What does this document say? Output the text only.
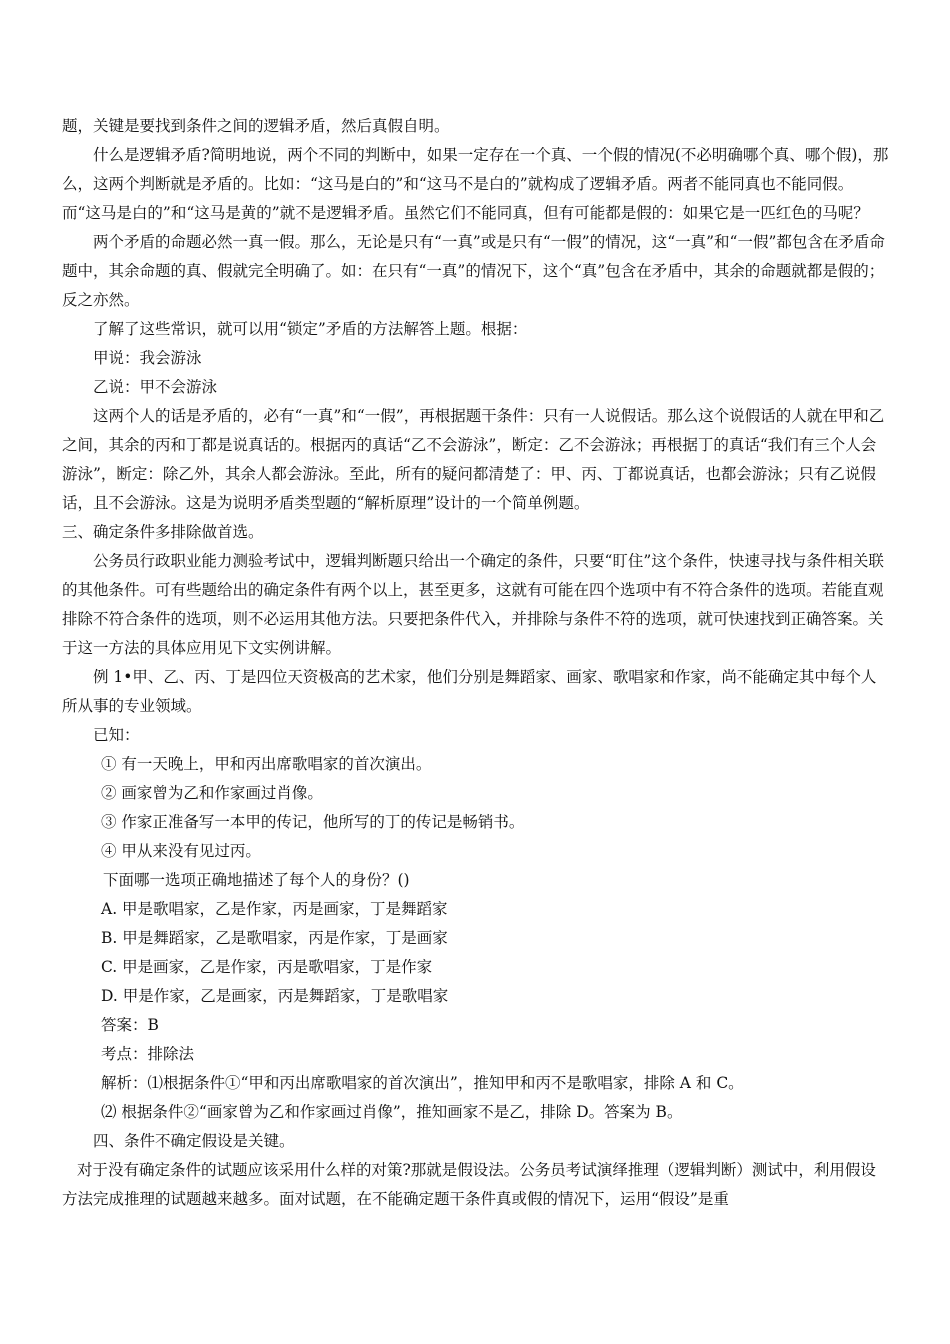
题，关键是要找到条件之间的逻辑矛盾，然后真假自明。

什么是逻辑矛盾?简明地说，两个不同的判断中，如果一定存在一个真、一个假的情况(不必明确哪个真、哪个假)，那么，这两个判断就是矛盾的。比如：“这马是白的”和“这马不是白的”就构成了逻辑矛盾。两者不能同真也不能同假。而“这马是白的”和“这马是黄的”就不是逻辑矛盾。虽然它们不能同真，但有可能都是假的：如果它是一匹红色的马呢？

两个矛盾的命题必然一真一假。那么，无论是只有“一真”或是只有“一假”的情况，这“一真”和“一假”都包含在矛盾命题中，其余命题的真、假就完全明确了。如：在只有“一真”的情况下，这个“真”包含在矛盾中，其余的命题就都是假的；反之亦然。

了解了这些常识，就可以用“锁定”矛盾的方法解答上题。根据：

甲说：我会游泳

乙说：甲不会游泳

这两个人的话是矛盾的，必有“一真”和“一假”，再根据题干条件：只有一人说假话。那么这个说假话的人就在甲和乙之间，其余的丙和丁都是说真话的。根据丙的真话“乙不会游泳”，断定：乙不会游泳；再根据丁的真话“我们有三个人会游泳”，断定：除乙外，其余人都会游泳。至此，所有的疑问都清楚了：甲、丙、丁都说真话，也都会游泳；只有乙说假话，且不会游泳。这是为说明矛盾类型题的“解析原理”设计的一个简单例题。

三、确定条件多排除做首选。

公务员行政职业能力测验考试中，逻辑判断题只给出一个确定的条件，只要“盯住”这个条件，快速寻找与条件相关联的其他条件。可有些题给出的确定条件有两个以上，甚至更多，这就有可能在四个选项中有不符合条件的选项。若能直观排除不符合条件的选项，则不必运用其他方法。只要把条件代入，并排除与条件不符的选项，就可快速找到正确答案。关于这一方法的具体应用见下文实例讲解。

例 1•甲、乙、丙、丁是四位天资极高的艺术家，他们分别是舞蹈家、画家、歌唱家和作家，尚不能确定其中每个人所从事的专业领域。

已知：

① 有一天晚上，甲和丙出席歌唱家的首次演出。

② 画家曾为乙和作家画过肖像。

③ 作家正准备写一本甲的传记，他所写的丁的传记是畅销书。

④ 甲从来没有见过丙。

下面哪一选项正确地描述了每个人的身份？()

A. 甲是歌唱家，乙是作家，丙是画家，丁是舞蹈家

B. 甲是舞蹈家，乙是歌唱家，丙是作家，丁是画家

C. 甲是画家，乙是作家，丙是歌唱家，丁是作家

D. 甲是作家，乙是画家，丙是舞蹈家，丁是歌唱家

答案：B

考点：排除法

解析：⑴根据条件①“甲和丙出席歌唱家的首次演出”，推知甲和丙不是歌唱家，排除 A 和 C。

⑵ 根据条件②“画家曾为乙和作家画过肖像”，推知画家不是乙，排除 D。答案为 B。

四、条件不确定假设是关键。

对于没有确定条件的试题应该采用什么样的对策?那就是假设法。公务员考试演绎推理（逻辑判断）测试中，利用假设方法完成推理的试题越来越多。面对试题，在不能确定题干条件真或假的情况下，运用“假设”是重
